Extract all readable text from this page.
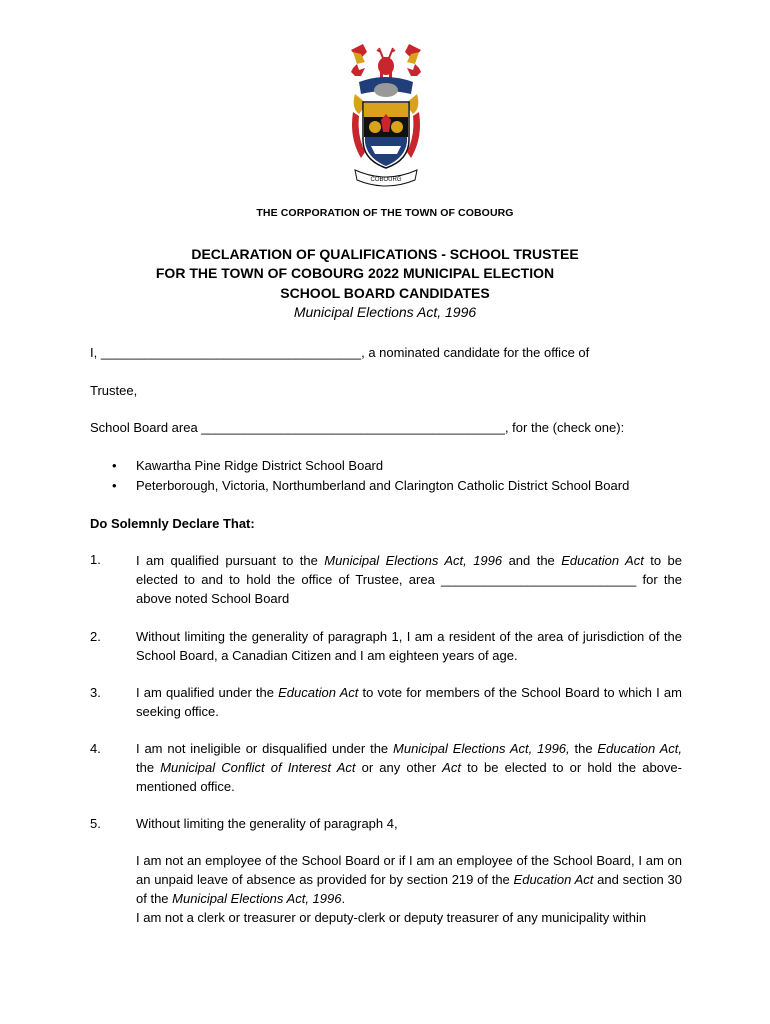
COBOURG
THE CORPORATION OF THE TOWN OF COBOURG
DECLARATION OF QUALIFICATIONS - SCHOOL TRUSTEE
FOR THE TOWN OF COBOURG 2022 MUNICIPAL ELECTION
SCHOOL BOARD CANDIDATES
Municipal Elections Act, 1996
I, ____________________________________, a nominated candidate for the office of
Trustee,
School Board area __________________________________________, for the (check one):
• Kawartha Pine Ridge District School Board
• Peterborough, Victoria, Northumberland and Clarington Catholic District School Board
Do Solemnly Declare That:
1.	I am qualified pursuant to the Municipal Elections Act, 1996 and the Education Act to be elected to and to hold the office of Trustee, area ___________________________ for the above noted School Board
2.	Without limiting the generality of paragraph 1, I am a resident of the area of jurisdiction of the School Board, a Canadian Citizen and I am eighteen years of age.
3.	I am qualified under the Education Act to vote for members of the School Board to which I am seeking office.
4.	I am not ineligible or disqualified under the Municipal Elections Act, 1996, the Education Act, the Municipal Conflict of Interest Act or any other Act to be elected to or hold the above-mentioned office.
5.	Without limiting the generality of paragraph 4,
I am not an employee of the School Board or if I am an employee of the School Board, I am on an unpaid leave of absence as provided for by section 219 of the Education Act and section 30 of the Municipal Elections Act, 1996.
I am not a clerk or treasurer or deputy-clerk or deputy treasurer of any municipality within
